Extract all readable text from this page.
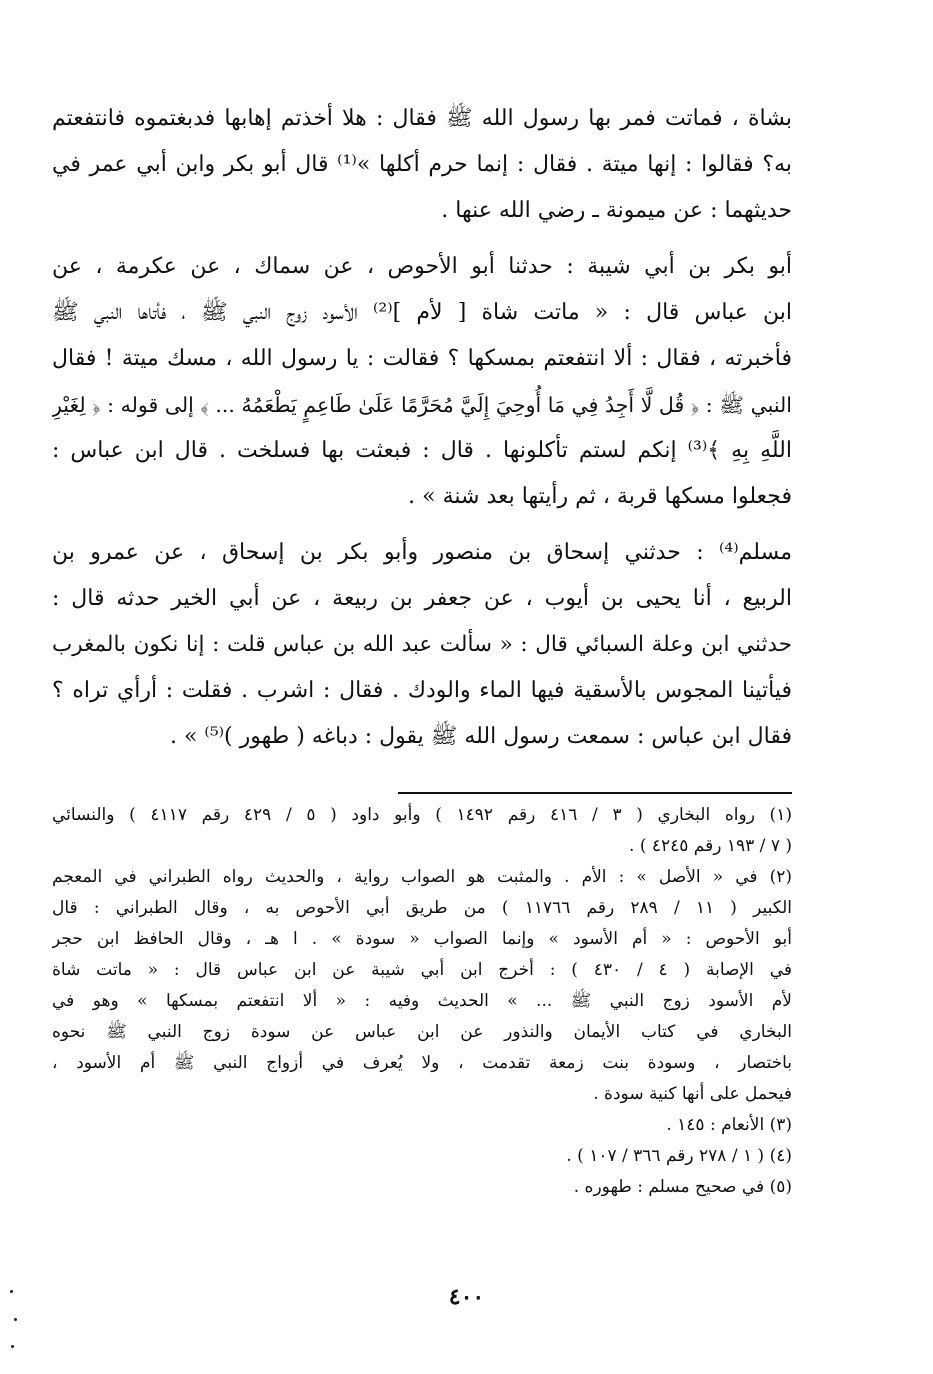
بشاة ، فماتت فمر بها رسول الله ﷺ فقال : هلا أخذتم إهابها فدبغتموه فانتفعتم
به؟ فقالوا : إنها ميتة . فقال : إنما حرم أكلها »⁽¹⁾ قال أبو بكر وابن أبي عمر في
حديثهما : عن ميمونة ـ رضي الله عنها .
أبو بكر بن أبي شيبة : حدثنا أبو الأحوص ، عن سماك ، عن عكرمة ، عن
ابن عباس قال : « ماتت شاة [ لأم ]⁽²⁾ الأسود زوج النبي ﷺ ، فأتاها النبي ﷺ
فأخبرته ، فقال : ألا انتفعتم بمسكها ؟ فقالت : يا رسول الله ، مسك ميتة ! فقال
النبي ﷺ : ﴿ قُل لَّا أَجِدُ فِي مَا أُوحِيَ إِلَيَّ مُحَرَّمًا عَلَىٰ طَاعِمٍ يَطْعَمُهُ ... ﴾ إلى قوله : ﴿ لِغَيْرِ
اللَّهِ بِهِ ﴾⁽³⁾ إنكم لستم تأكلونها . قال : فبعثت بها فسلخت . قال ابن عباس :
فجعلوا مسكها قربة ، ثم رأيتها بعد شنة » .
مسلم⁽⁴⁾ : حدثني إسحاق بن منصور وأبو بكر بن إسحاق ، عن عمرو بن
الربيع ، أنا يحيى بن أيوب ، عن جعفر بن ربيعة ، عن أبي الخير حدثه قال :
حدثني ابن وعلة السبائي قال : « سألت عبد الله بن عباس قلت : إنا نكون بالمغرب
فيأتينا المجوس بالأسقية فيها الماء والودك . فقال : اشرب . فقلت : أرأي تراه ؟
فقال ابن عباس : سمعت رسول الله ﷺ يقول : دباغه ( طهور )⁽⁵⁾ » .
(١) رواه البخاري ( ٣ / ٤١٦ رقم ١٤٩٢ ) وأبو داود ( ٥ / ٤٢٩ رقم ٤١١٧ ) والنسائي
( ٧ / ١٩٣ رقم ٤٢٤٥ ) .
(٢) في « الأصل » : الأم . والمثبت هو الصواب رواية ، والحديث رواه الطبراني في المعجم
الكبير ( ١١ / ٢٨٩ رقم ١١٧٦٦ ) من طريق أبي الأحوص به ، وقال الطبراني : قال
أبو الأحوص : « أم الأسود » وإنما الصواب « سودة » . ا هـ ، وقال الحافظ ابن حجر
في الإصابة ( ٤ / ٤٣٠ ) : أخرج ابن أبي شيبة عن ابن عباس قال : « ماتت شاة
لأم الأسود زوج النبي ﷺ ... » الحديث وفيه : « ألا انتفعتم بمسكها » وهو في
البخاري في كتاب الأيمان والنذور عن ابن عباس عن سودة زوج النبي ﷺ نحوه
باختصار ، وسودة بنت زمعة تقدمت ، ولا يُعرف في أزواج النبي ﷺ أم الأسود ،
فيحمل على أنها كنية سودة .
(٣) الأنعام : ١٤٥ .
(٤) ( ١ / ٢٧٨ رقم ٣٦٦ / ١٠٧ ) .
(٥) في صحيح مسلم : طهوره .
٤٠٠
